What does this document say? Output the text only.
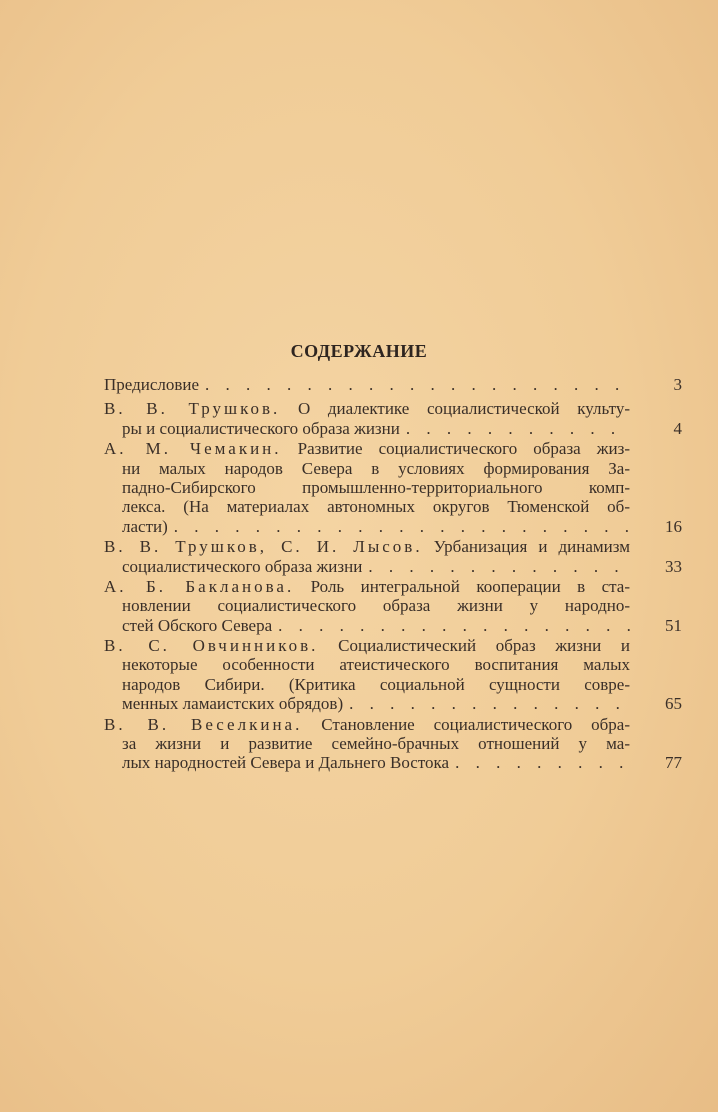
СОДЕРЖАНИЕ
Предисловие . . .	3
В. В. Трушков. О диалектике социалистической культу-
ры и социалистического образа жизни . . .	4
А. М. Чемакин. Развитие социалистического образа жиз-
ни малых народов Севера в условиях формирования За-
падно-Сибирского промышленно-территориального комп-
лекса. (На материалах автономных округов Тюменской об-
ласти) . . .	16
В. В. Трушков, С. И. Лысов. Урбанизация и динамизм
социалистического образа жизни . . .	33
А. Б. Бакланова. Роль интегральной кооперации в ста-
новлении социалистического образа жизни у народно-
стей Обского Севера . . .	51
В. С. Овчинников. Социалистический образ жизни и
некоторые особенности атеистического воспитания малых
народов Сибири. (Критика социальной сущности совре-
менных ламаистских обрядов) . . .	65
В. В. Веселкина. Становление социалистического обра-
за жизни и развитие семейно-брачных отношений у ма-
лых народностей Севера и Дальнего Востока . . .	77
